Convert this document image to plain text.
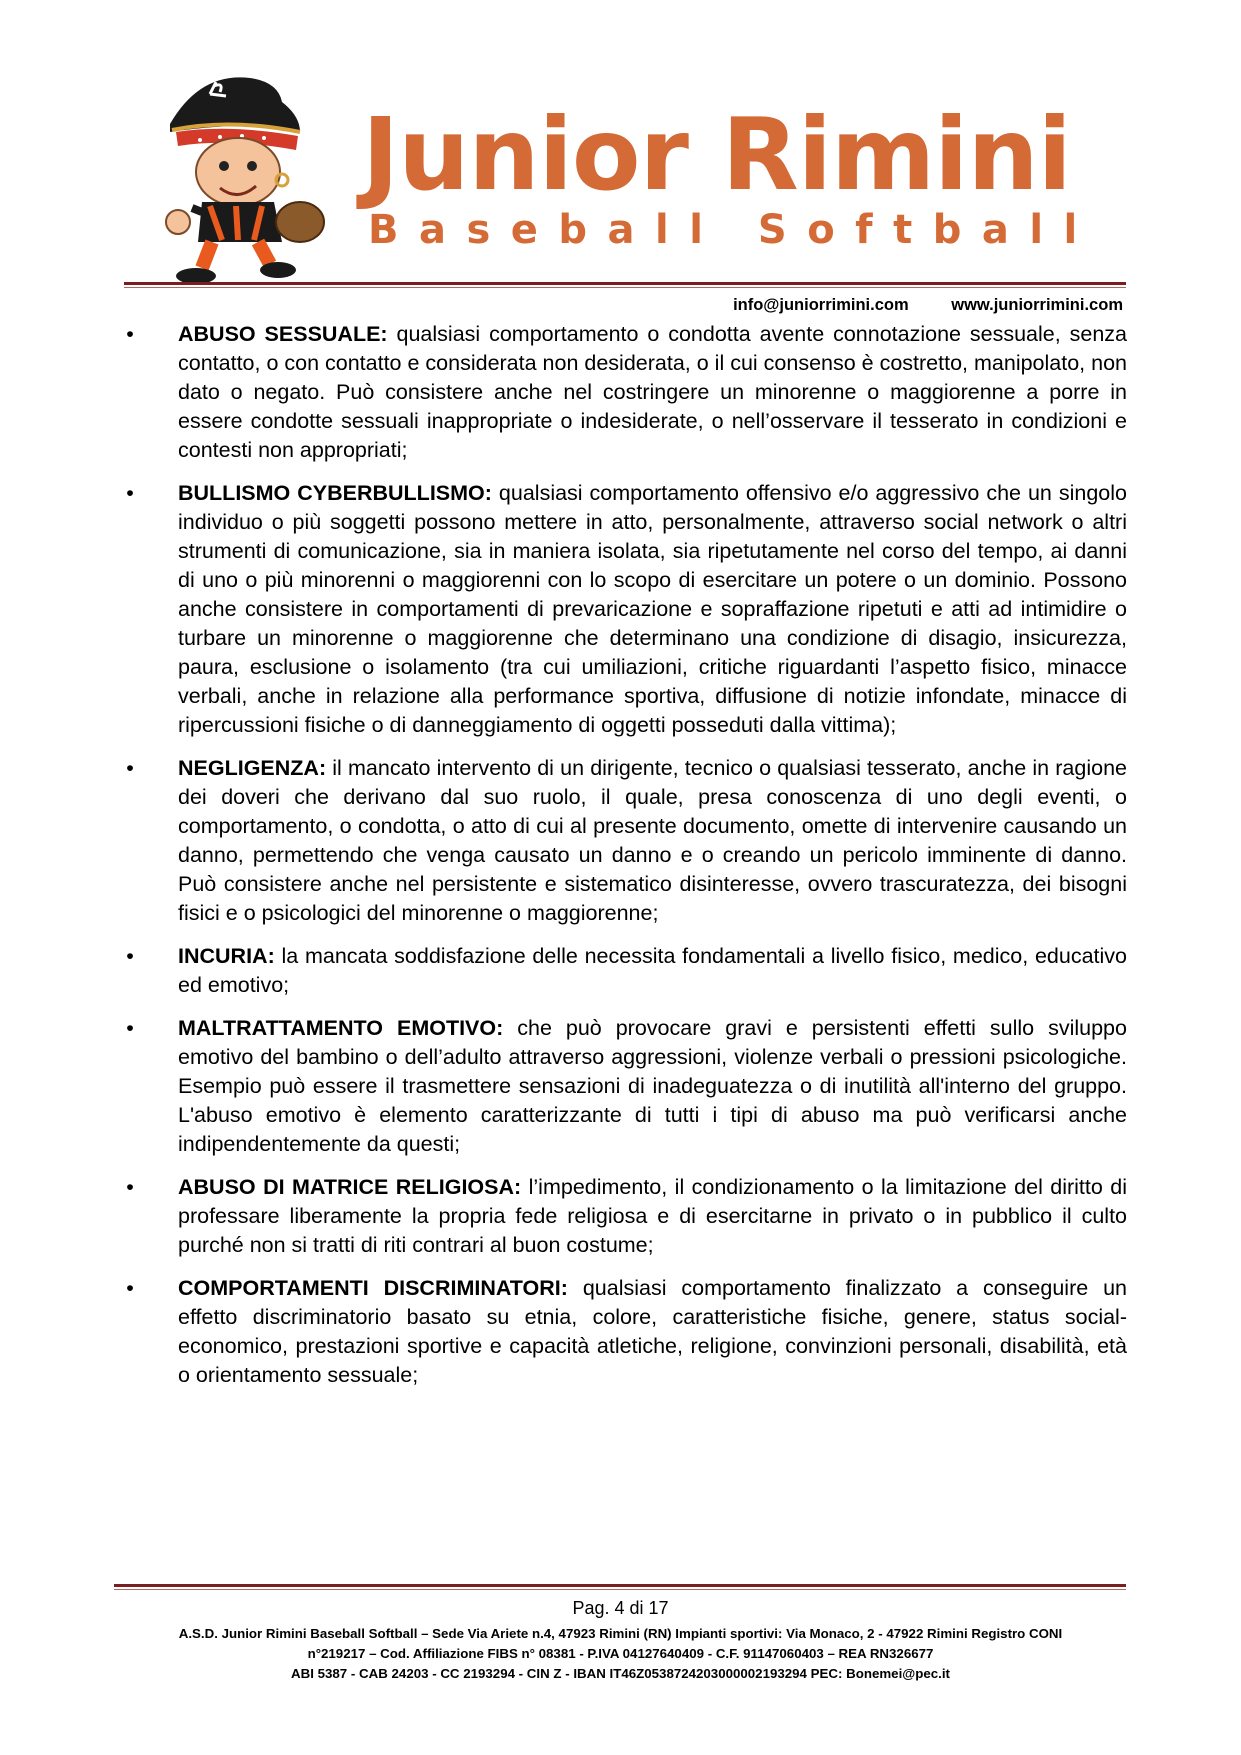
Junior Rimini

Baseball Softball

info@juniorrimini.com	www.juniorrimini.com
• ABUSO SESSUALE: qualsiasi comportamento o condotta avente connotazione sessuale, senza contatto, o con contatto e considerata non desiderata, o il cui consenso è costretto, manipolato, non dato o negato. Può consistere anche nel costringere un minorenne o maggiorenne a porre in essere condotte sessuali inappropriate o indesiderate, o nell’osservare il tesserato in condizioni e contesti non appropriati;
• BULLISMO CYBERBULLISMO: qualsiasi comportamento offensivo e/o aggressivo che un singolo individuo o più soggetti possono mettere in atto, personalmente, attraverso social network o altri strumenti di comunicazione, sia in maniera isolata, sia ripetutamente nel corso del tempo, ai danni di uno o più minorenni o maggiorenni con lo scopo di esercitare un potere o un dominio. Possono anche consistere in comportamenti di prevaricazione e sopraffazione ripetuti e atti ad intimidire o turbare un minorenne o maggiorenne che determinano una condizione di disagio, insicurezza, paura, esclusione o isolamento (tra cui umiliazioni, critiche riguardanti l’aspetto fisico, minacce verbali, anche in relazione alla performance sportiva, diffusione di notizie infondate, minacce di ripercussioni fisiche o di danneggiamento di oggetti posseduti dalla vittima);
• NEGLIGENZA: il mancato intervento di un dirigente, tecnico o qualsiasi tesserato, anche in ragione dei doveri che derivano dal suo ruolo, il quale, presa conoscenza di uno degli eventi, o comportamento, o condotta, o atto di cui al presente documento, omette di intervenire causando un danno, permettendo che venga causato un danno e o creando un pericolo imminente di danno. Può consistere anche nel persistente e sistematico disinteresse, ovvero trascuratezza, dei bisogni fisici e o psicologici del minorenne o maggiorenne;
• INCURIA: la mancata soddisfazione delle necessita fondamentali a livello fisico, medico, educativo ed emotivo;
• MALTRATTAMENTO EMOTIVO: che può provocare gravi e persistenti effetti sullo sviluppo emotivo del bambino o dell’adulto attraverso aggressioni, violenze verbali o pressioni psicologiche. Esempio può essere il trasmettere sensazioni di inadeguatezza o di inutilità all'interno del gruppo. L'abuso emotivo è elemento caratterizzante di tutti i tipi di abuso ma può verificarsi anche indipendentemente da questi;
• ABUSO DI MATRICE RELIGIOSA: l’impedimento, il condizionamento o la limitazione del diritto di professare liberamente la propria fede religiosa e di esercitarne in privato o in pubblico il culto purché non si tratti di riti contrari al buon costume;
• COMPORTAMENTI DISCRIMINATORI: qualsiasi comportamento finalizzato a conseguire un effetto discriminatorio basato su etnia, colore, caratteristiche fisiche, genere, status social-economico, prestazioni sportive e capacità atletiche, religione, convinzioni personali, disabilità, età o orientamento sessuale;
Pag. 4 di 17
A.S.D. Junior Rimini Baseball Softball – Sede Via Ariete n.4, 47923 Rimini (RN) Impianti sportivi: Via Monaco, 2 - 47922 Rimini Registro CONI
n°219217 – Cod. Affiliazione FIBS n° 08381 - P.IVA 04127640409 - C.F. 91147060403 – REA RN326677
ABI 5387 - CAB 24203 - CC 2193294 - CIN Z - IBAN IT46Z0538724203000002193294 PEC: Bonemei@pec.it
